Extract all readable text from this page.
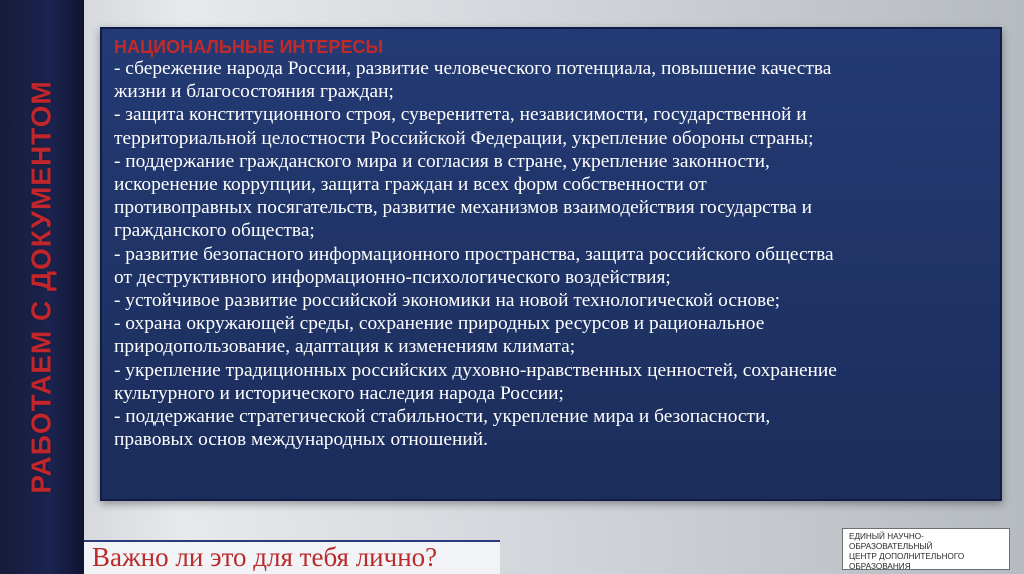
РАБОТАЕМ С ДОКУМЕНТОМ
НАЦИОНАЛЬНЫЕ ИНТЕРЕСЫ
- сбережение народа России, развитие человеческого потенциала, повышение качества
жизни и благосостояния граждан;
- защита конституционного строя, суверенитета, независимости, государственной и
территориальной целостности Российской Федерации, укрепление обороны страны;
- поддержание гражданского мира и согласия в стране, укрепление законности,
искоренение коррупции, защита граждан и всех форм собственности от
противоправных посягательств, развитие механизмов взаимодействия государства и
гражданского общества;
- развитие безопасного информационного пространства, защита российского общества
от деструктивного информационно-психологического воздействия;
- устойчивое развитие российской экономики на новой технологической основе;
- охрана окружающей среды, сохранение природных ресурсов и рациональное
природопользование, адаптация к изменениям климата;
- укрепление традиционных российских духовно-нравственных ценностей, сохранение
культурного и исторического наследия народа России;
- поддержание стратегической стабильности, укрепление мира и безопасности,
правовых основ международных отношений.
Важно ли это для тебя лично?
ЕДИНЫЙ НАУЧНО-ОБРАЗОВАТЕЛЬНЫЙ
ЦЕНТР ДОПОЛНИТЕЛЬНОГО
ОБРАЗОВАНИЯ
